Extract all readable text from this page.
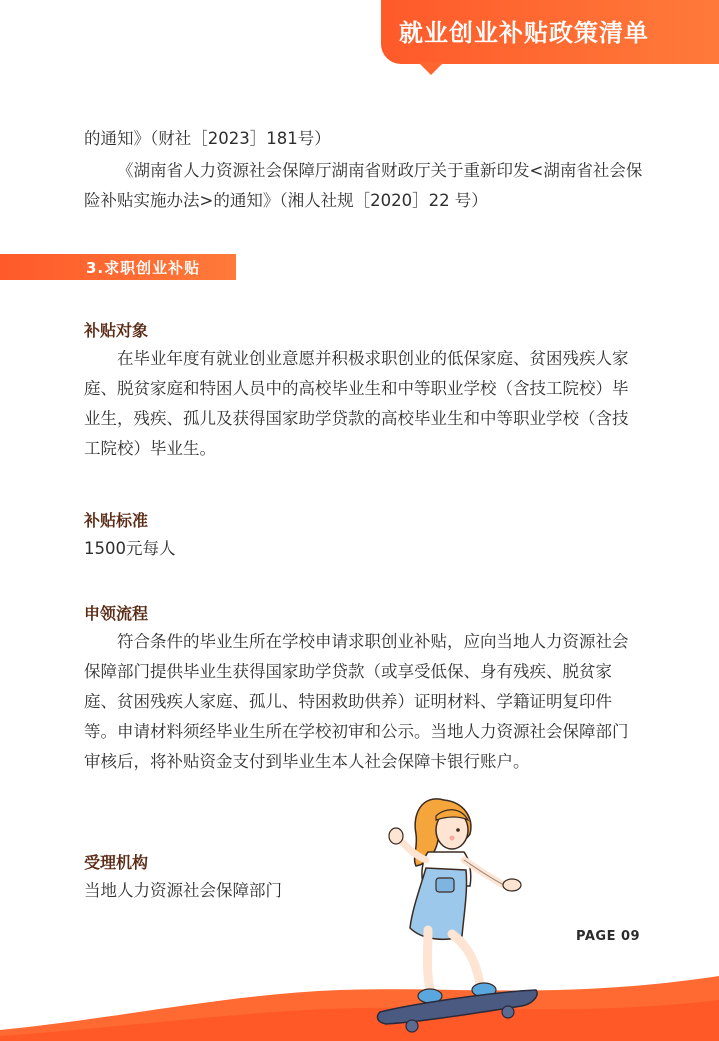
就业创业补贴政策清单
的通知》（财社［2023］181号）
《湖南省人力资源社会保障厅湖南省财政厅关于重新印发<湖南省社会保险补贴实施办法>的通知》（湘人社规［2020］22 号）
3.求职创业补贴
补贴对象
在毕业年度有就业创业意愿并积极求职创业的低保家庭、贫困残疾人家庭、脱贫家庭和特困人员中的高校毕业生和中等职业学校（含技工院校）毕业生，残疾、孤儿及获得国家助学贷款的高校毕业生和中等职业学校（含技工院校）毕业生。
补贴标准
1500元每人
申领流程
符合条件的毕业生所在学校申请求职创业补贴，应向当地人力资源社会保障部门提供毕业生获得国家助学贷款（或享受低保、身有残疾、脱贫家庭、贫困残疾人家庭、孤儿、特困救助供养）证明材料、学籍证明复印件等。申请材料须经毕业生所在学校初审和公示。当地人力资源社会保障部门审核后，将补贴资金支付到毕业生本人社会保障卡银行账户。
受理机构
当地人力资源社会保障部门
PAGE 09
